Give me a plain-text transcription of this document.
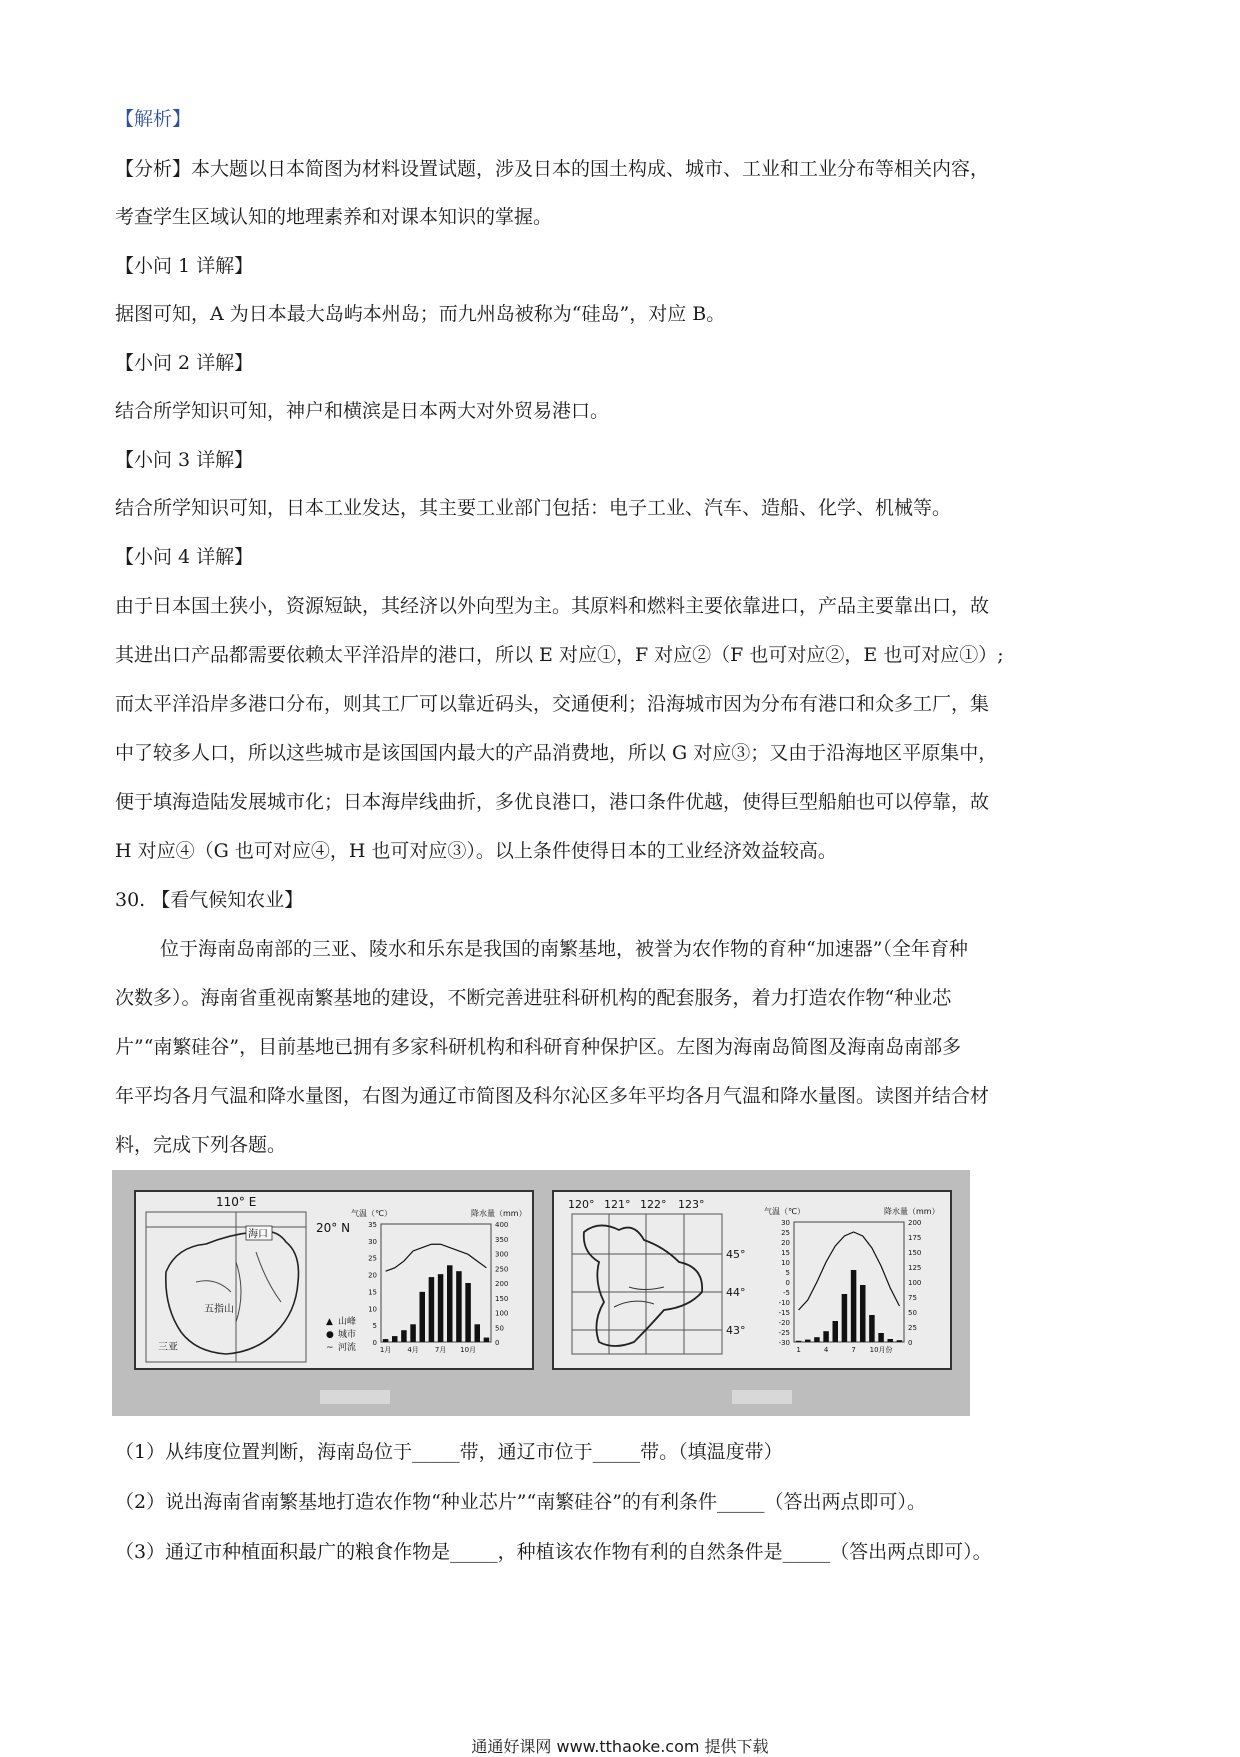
【解析】
【分析】本大题以日本简图为材料设置试题，涉及日本的国土构成、城市、工业和工业分布等相关内容，
考查学生区域认知的地理素养和对课本知识的掌握。
【小问 1 详解】
据图可知，A 为日本最大岛屿本州岛；而九州岛被称为“硅岛”，对应 B。
【小问 2 详解】
结合所学知识可知，神户和横滨是日本两大对外贸易港口。
【小问 3 详解】
结合所学知识可知，日本工业发达，其主要工业部门包括：电子工业、汽车、造船、化学、机械等。
【小问 4 详解】
由于日本国土狭小，资源短缺，其经济以外向型为主。其原料和燃料主要依靠进口，产品主要靠出口，故
其进出口产品都需要依赖太平洋沿岸的港口，所以 E 对应①，F 对应②（F 也可对应②，E 也可对应①）;
而太平洋沿岸多港口分布，则其工厂可以靠近码头，交通便利；沿海城市因为分布有港口和众多工厂，集
中了较多人口，所以这些城市是该国国内最大的产品消费地，所以 G 对应③；又由于沿海地区平原集中，
便于填海造陆发展城市化；日本海岸线曲折，多优良港口，港口条件优越，使得巨型船舶也可以停靠，故
H 对应④（G 也可对应④，H 也可对应③）。以上条件使得日本的工业经济效益较高。
30. 【看气候知农业】
位于海南岛南部的三亚、陵水和乐东是我国的南繁基地，被誉为农作物的育种“加速器”（全年育种
次数多）。海南省重视南繁基地的建设，不断完善进驻科研机构的配套服务，着力打造农作物“种业芯
片”“南繁硅谷”，目前基地已拥有多家科研机构和科研育种保护区。左图为海南岛简图及海南岛南部多
年平均各月气温和降水量图，右图为通辽市简图及科尔沁区多年平均各月气温和降水量图。读图并结合材
料，完成下列各题。
110° E
20° N
海口
五指山
三亚
▲ 山峰
● 城市
~ 河流
气温（℃）	降水量（mm）
35
30
25
20
15
10
5
0
400
350
300
250
200
150
100
50
0
1月 4月 7月 10月
120° 121° 122° 123°
45°
44°
43°
气温（℃）	降水量（mm）
30
25
20
15
10
5
0
-5
-10
-15
-20
-25
-30
200
175
150
125
100
75
50
25
0
1	4	7 10月份
（1）从纬度位置判断，海南岛位于_____带，通辽市位于_____带。（填温度带）
（2）说出海南省南繁基地打造农作物“种业芯片”“南繁硅谷”的有利条件_____（答出两点即可）。
（3）通辽市种植面积最广的粮食作物是_____，种植该农作物有利的自然条件是_____（答出两点即可）。
通通好课网 www.tthaoke.com 提供下载
